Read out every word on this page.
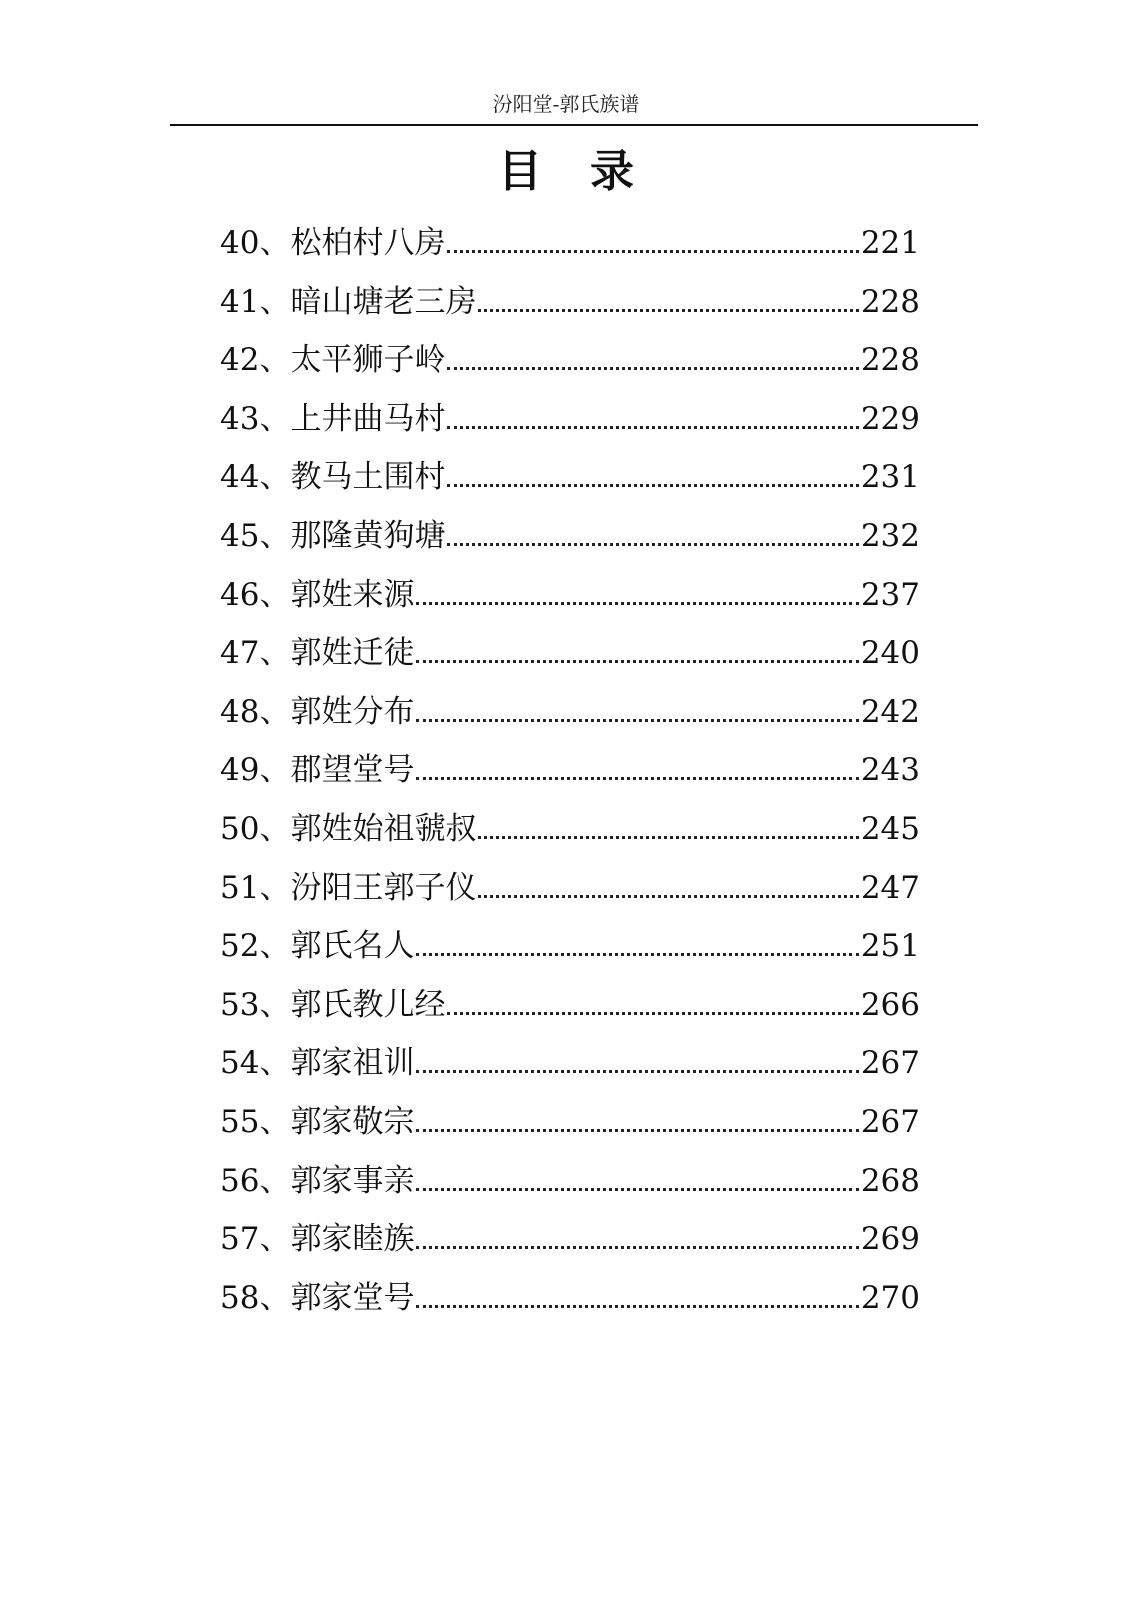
汾阳堂-郭氏族谱
目录
40、松柏村八房	221
41、暗山塘老三房	228
42、太平狮子岭	228
43、上井曲马村	229
44、教马土围村	231
45、那隆黄狗塘	232
46、郭姓来源	237
47、郭姓迁徒	240
48、郭姓分布	242
49、郡望堂号	243
50、郭姓始祖虢叔	245
51、汾阳王郭子仪	247
52、郭氏名人	251
53、郭氏教儿经	266
54、郭家祖训	267
55、郭家敬宗	267
56、郭家事亲	268
57、郭家睦族	269
58、郭家堂号	270
